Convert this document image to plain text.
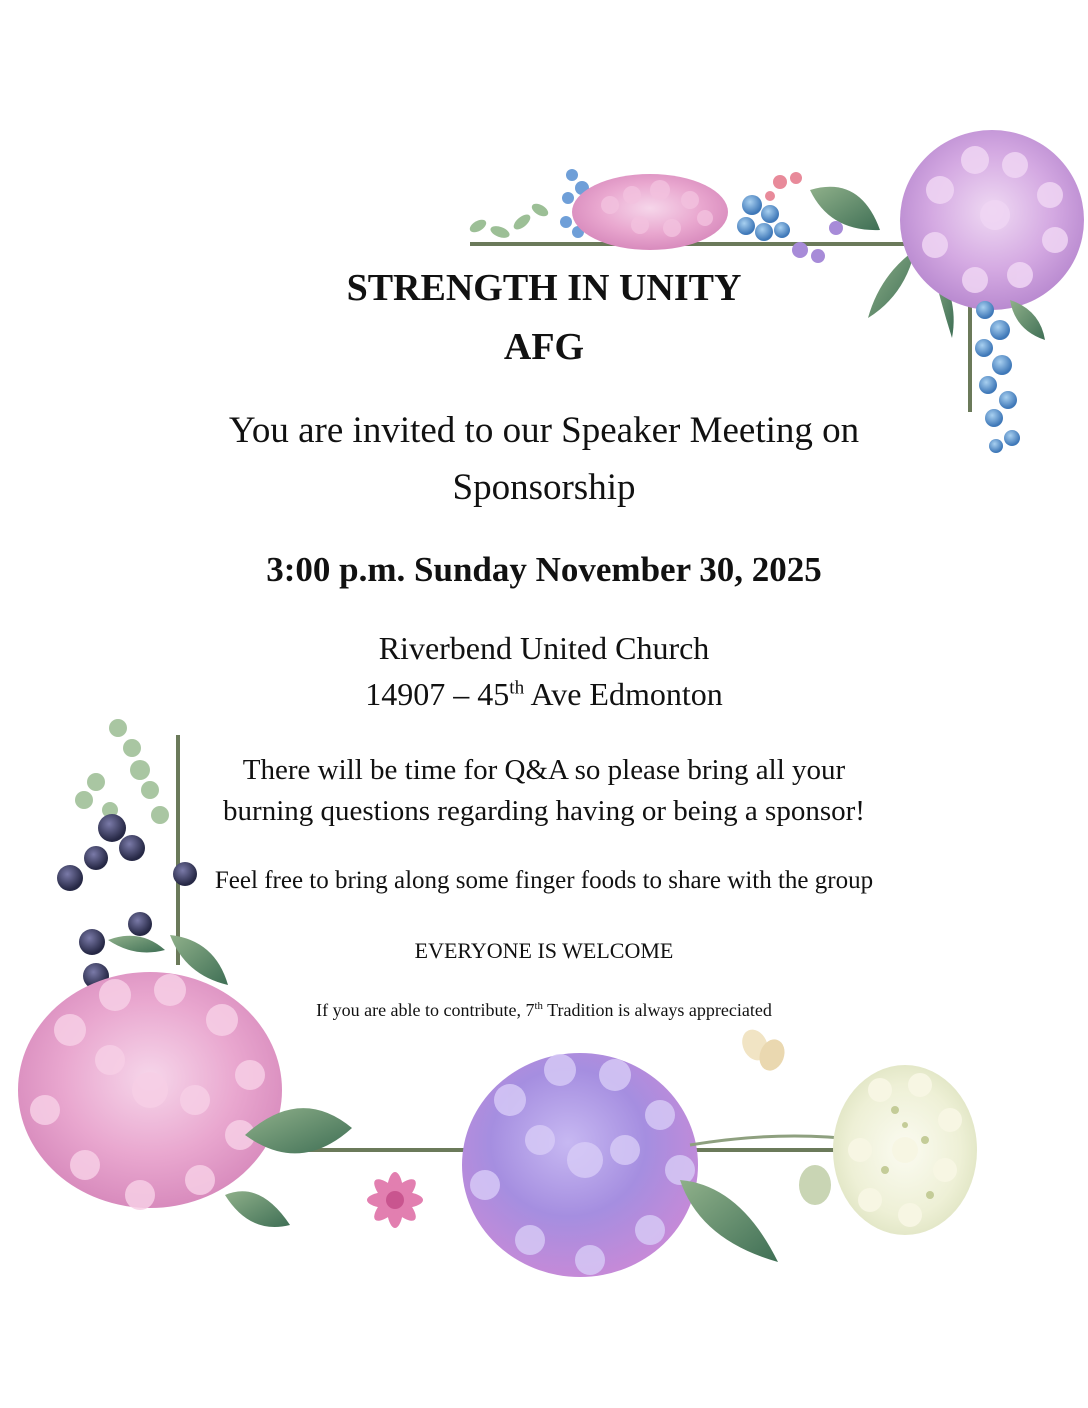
STRENGTH IN UNITY
AFG
You are invited to our Speaker Meeting on
Sponsorship
3:00 p.m. Sunday November 30, 2025
Riverbend United Church
14907 – 45th Ave Edmonton
There will be time for Q&A so please bring all your
burning questions regarding having or being a sponsor!
Feel free to bring along some finger foods to share with the group
EVERYONE IS WELCOME
If you are able to contribute, 7th Tradition is always appreciated
